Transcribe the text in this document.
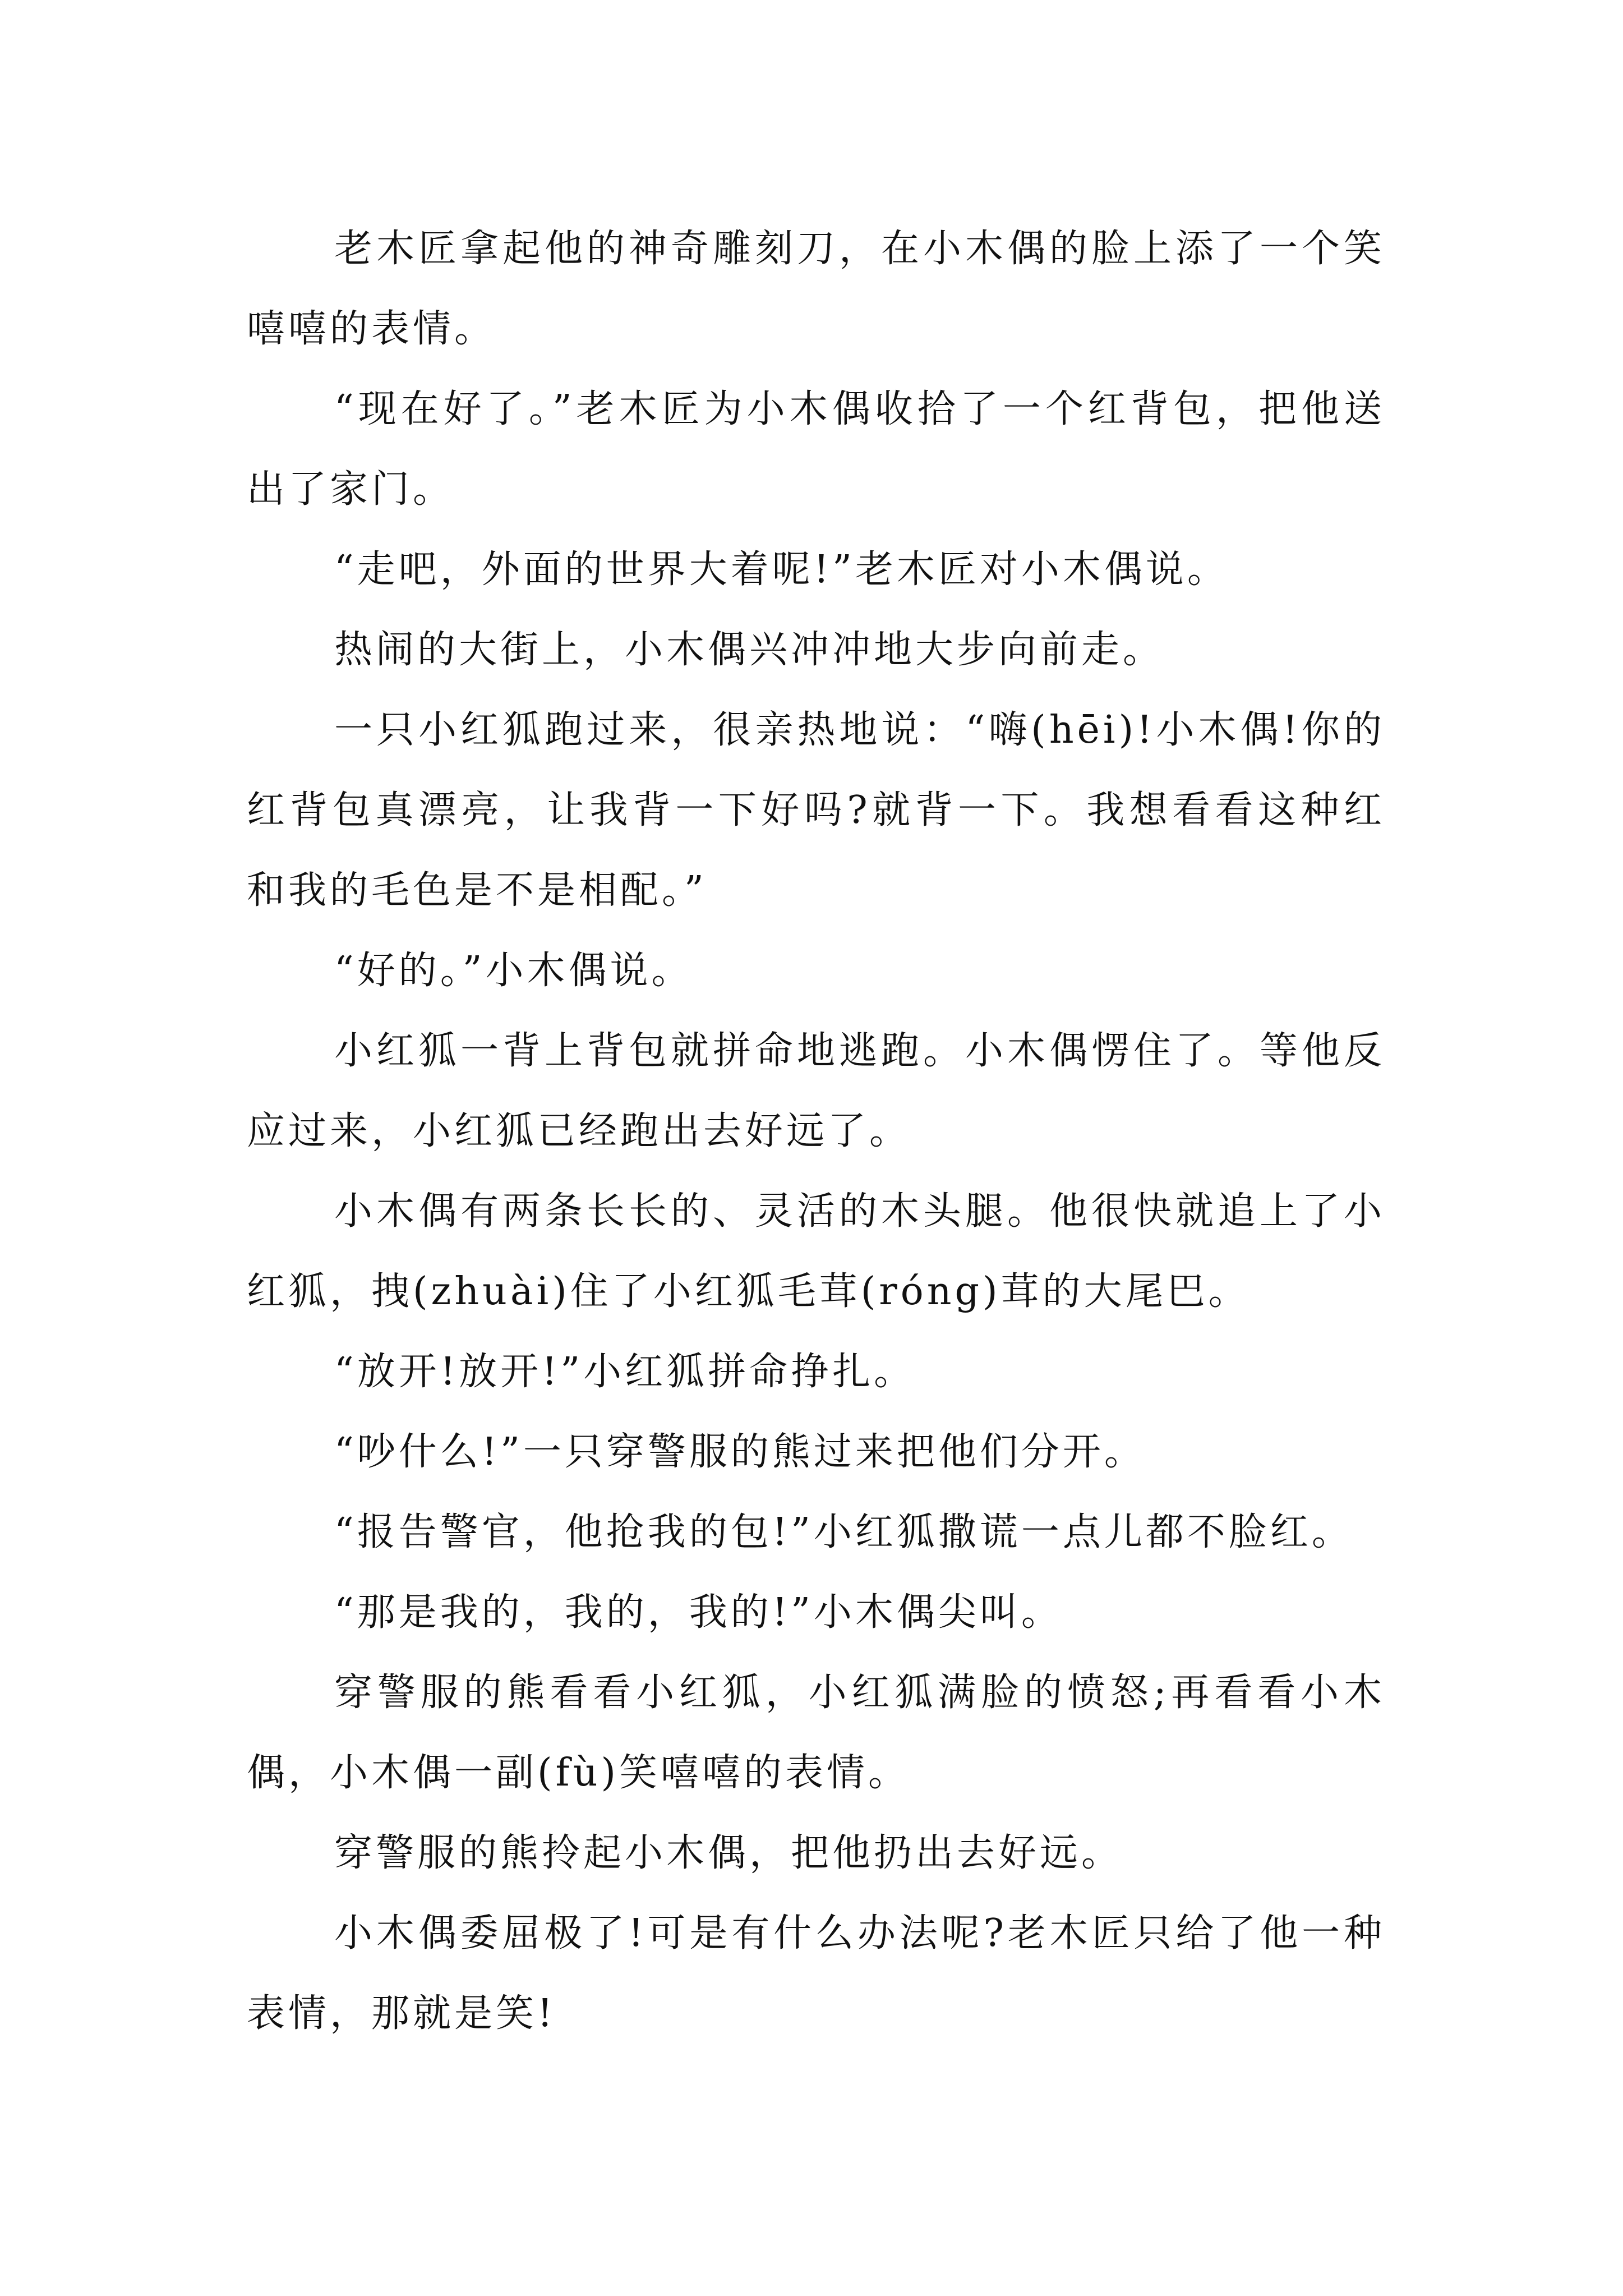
老木匠拿起他的神奇雕刻刀，在小木偶的脸上添了一个笑嘻嘻的表情。

“现在好了。”老木匠为小木偶收拾了一个红背包，把他送出了家门。

“走吧，外面的世界大着呢!”老木匠对小木偶说。

热闹的大街上，小木偶兴冲冲地大步向前走。

一只小红狐跑过来，很亲热地说：“嗨(hēi)!小木偶!你的红背包真漂亮，让我背一下好吗?就背一下。我想看看这种红和我的毛色是不是相配。”

“好的。”小木偶说。

小红狐一背上背包就拼命地逃跑。小木偶愣住了。等他反应过来，小红狐已经跑出去好远了。

小木偶有两条长长的、灵活的木头腿。他很快就追上了小红狐，拽(zhuài)住了小红狐毛茸(róng)茸的大尾巴。

“放开!放开!”小红狐拼命挣扎。

“吵什么!”一只穿警服的熊过来把他们分开。

“报告警官，他抢我的包!”小红狐撒谎一点儿都不脸红。

“那是我的，我的，我的!”小木偶尖叫。

穿警服的熊看看小红狐，小红狐满脸的愤怒;再看看小木偶，小木偶一副(fù)笑嘻嘻的表情。

穿警服的熊拎起小木偶，把他扔出去好远。

小木偶委屈极了!可是有什么办法呢?老木匠只给了他一种表情，那就是笑!
